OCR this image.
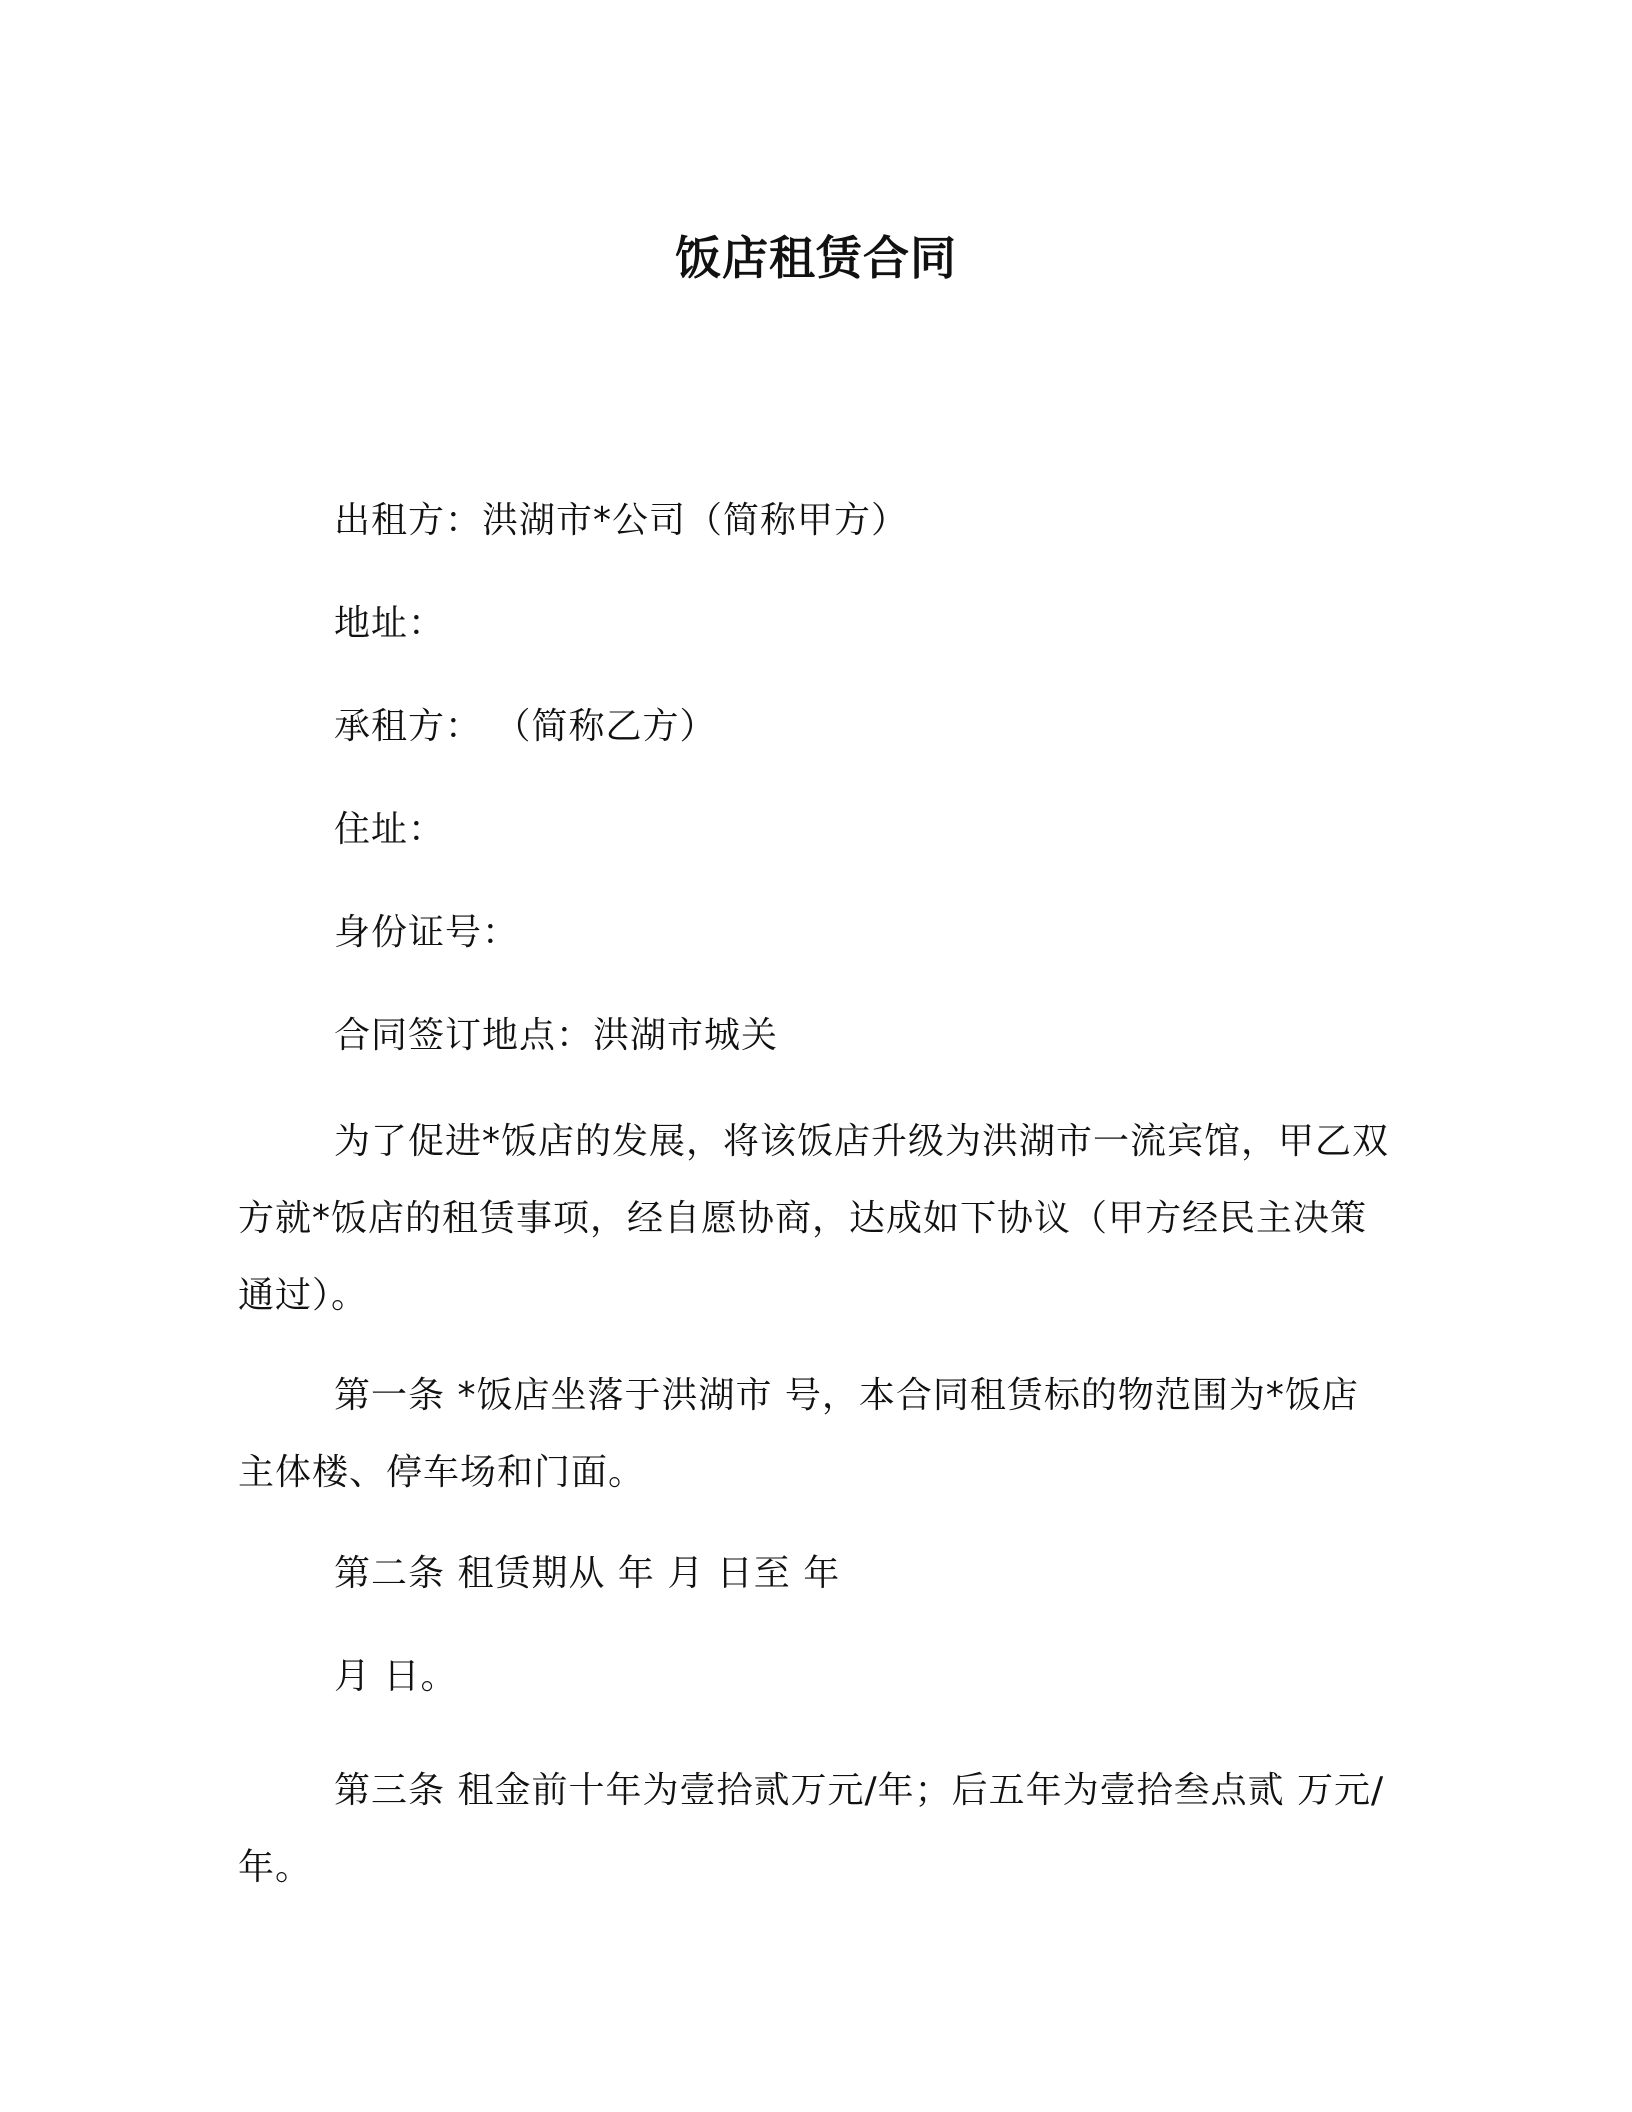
饭店租赁合同
出租方：洪湖市*公司（简称甲方）
地址：
承租方： （简称乙方）
住址：
身份证号：
合同签订地点：洪湖市城关
为了促进*饭店的发展，将该饭店升级为洪湖市一流宾馆，甲乙双方就*饭店的租赁事项，经自愿协商，达成如下协议（甲方经民主决策通过）。
第一条 *饭店坐落于洪湖市 号，本合同租赁标的物范围为*饭店主体楼、停车场和门面。
第二条 租赁期从 年 月 日至 年
月 日。
第三条 租金前十年为壹拾贰万元/年；后五年为壹拾叁点贰 万元/年。
